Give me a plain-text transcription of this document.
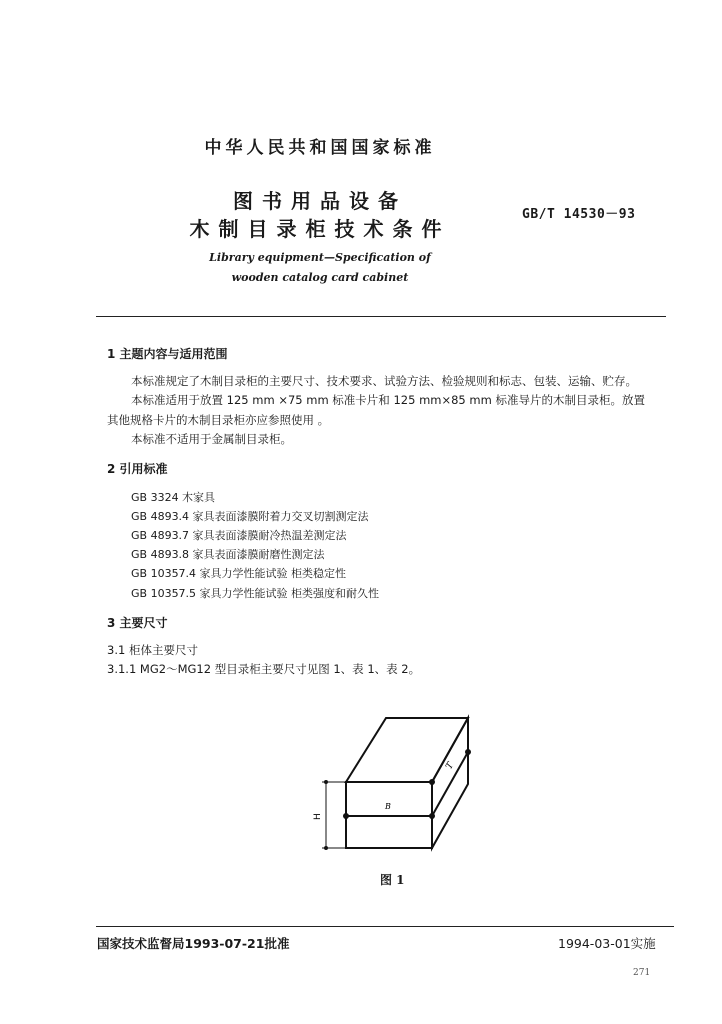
中华人民共和国国家标准
图书用品设备
木制目录柜技术条件
GB/T 14530－93
Library equipment—Specification of
wooden catalog card cabinet
1 主题内容与适用范围
本标准规定了木制目录柜的主要尺寸、技术要求、试验方法、检验规则和标志、包装、运输、贮存。
本标准适用于放置 125 mm ×75 mm 标准卡片和 125 mm×85 mm 标准导片的木制目录柜。放置
其他规格卡片的木制目录柜亦应参照使用 。
本标准不适用于金属制目录柜。
2 引用标准
GB 3324 木家具
GB 4893.4 家具表面漆膜附着力交叉切割测定法
GB 4893.7 家具表面漆膜耐冷热温差测定法
GB 4893.8 家具表面漆膜耐磨性测定法
GB 10357.4 家具力学性能试验 柜类稳定性
GB 10357.5 家具力学性能试验 柜类强度和耐久性
3 主要尺寸
3.1 柜体主要尺寸
3.1.1 MG2～MG12 型目录柜主要尺寸见图 1、表 1、表 2。
H
B
T
图 1
国家技术监督局1993-07-21批准	1994-03-01实施
271
